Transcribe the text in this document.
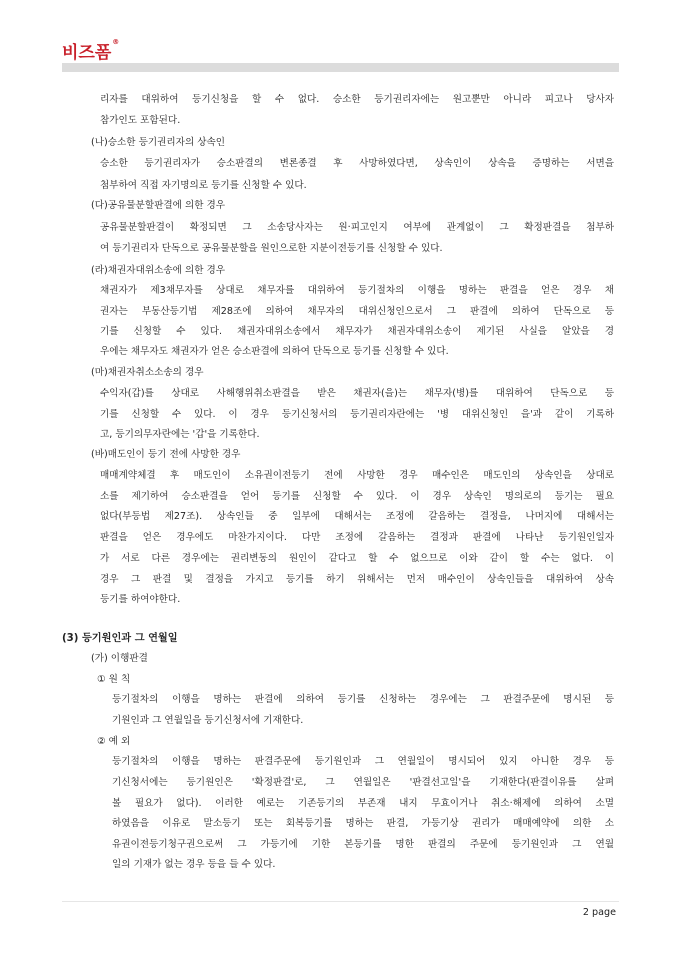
비즈폼®
리자를 대위하여 등기신청을 할 수 없다. 승소한 등기권리자에는 원고뿐만 아니라 피고나 당사자
참가인도 포함된다.
(나)승소한 등기권리자의 상속인
승소한 등기권리자가 승소판결의 변론종결 후 사망하였다면, 상속인이 상속을 증명하는 서면을
첨부하여 직접 자기명의로 등기를 신청할 수 있다.
(다)공유물분할판결에 의한 경우
공유물분할판결이 확정되면 그 소송당사자는 원·피고인지 여부에 관계없이 그 확정판결을 첨부하
여 등기권리자 단독으로 공유물분할을 원인으로한 지분이전등기를 신청할 수 있다.
(라)채권자대위소송에 의한 경우
채권자가 제3채무자를 상대로 채무자를 대위하여 등기절차의 이행을 명하는 판결을 얻은 경우 채
권자는 부동산등기법 제28조에 의하여 채무자의 대위신청인으로서 그 판결에 의하여 단독으로 등
기를 신청할 수 있다. 채권자대위소송에서 채무자가 채권자대위소송이 제기된 사실을 알았을 경
우에는 채무자도 채권자가 얻은 승소판결에 의하여 단독으로 등기를 신청할 수 있다.
(마)채권자취소소송의 경우
수익자(갑)를 상대로 사해행위취소판결을 받은 채권자(을)는 채무자(병)를 대위하여 단독으로 등
기를 신청할 수 있다. 이 경우 등기신청서의 등기권리자란에는 '병 대위신청인 을'과 같이 기록하
고, 등기의무자란에는 '갑'을 기록한다.
(바)매도인이 등기 전에 사망한 경우
매매계약체결 후 매도인이 소유권이전등기 전에 사망한 경우 매수인은 매도인의 상속인을 상대로
소를 제기하여 승소판결을 얻어 등기를 신청할 수 있다. 이 경우 상속인 명의로의 등기는 필요
없다(부등법 제27조). 상속인들 중 일부에 대해서는 조정에 갈음하는 결정을, 나머지에 대해서는
판결을 얻은 경우에도 마찬가지이다. 다만 조정에 갈음하는 결정과 판결에 나타난 등기원인일자
가 서로 다른 경우에는 권리변동의 원인이 같다고 할 수 없으므로 이와 같이 할 수는 없다. 이
경우 그 판결 및 결정을 가지고 등기를 하기 위해서는 먼저 매수인이 상속인들을 대위하여 상속
등기를 하여야한다.
(3) 등기원인과 그 연월일
(가) 이행판결
① 원 칙
등기절차의 이행을 명하는 판결에 의하여 등기를 신청하는 경우에는 그 판결주문에 명시된 등
기원인과 그 연월일을 등기신청서에 기재한다.
② 예 외
등기절차의 이행을 명하는 판결주문에 등기원인과 그 연월일이 명시되어 있지 아니한 경우 등
기신청서에는 등기원인은 '확정판결'로, 그 연월일은 '판결선고일'을 기재한다(판결이유를 살펴
볼 필요가 없다). 이러한 예로는 기존등기의 부존재 내지 무효이거나 취소·해제에 의하여 소멸
하였음을 이유로 말소등기 또는 회복등기를 명하는 판결, 가등기상 권리가 매매예약에 의한 소
유권이전등기청구권으로써 그 가등기에 기한 본등기를 명한 판결의 주문에 등기원인과 그 연월
일의 기재가 없는 경우 등을 들 수 있다.
2 page
